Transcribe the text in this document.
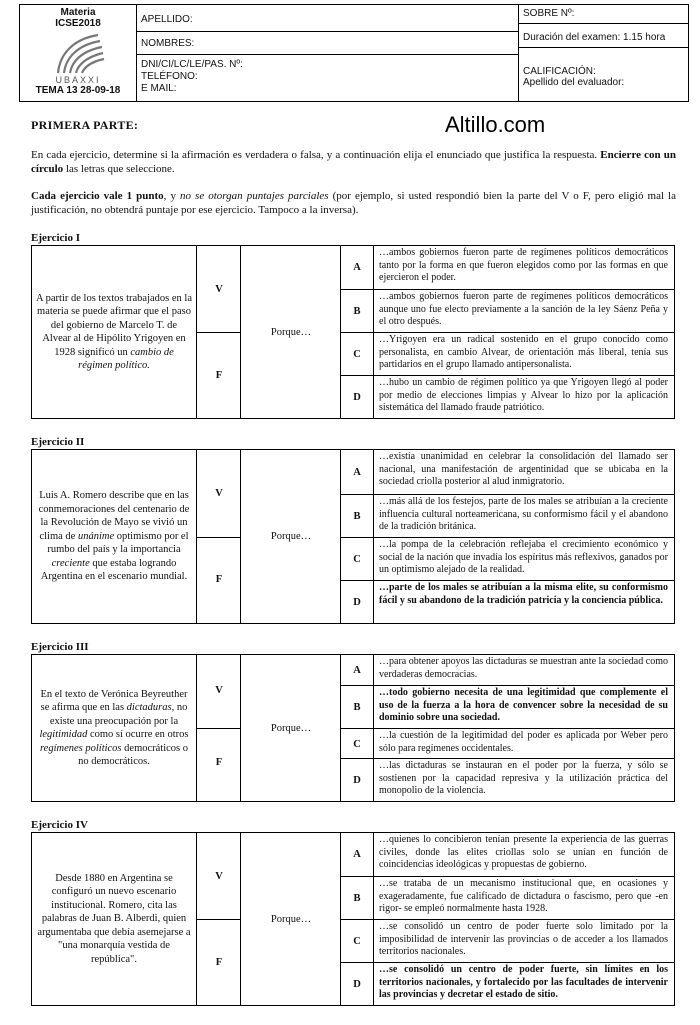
Materia
ICSE2018
UBAXXI
TEMA 13 28-09-18
APELLIDO:
NOMBRES:
DNI/CI/LC/LE/PAS. Nº:
TELÉFONO:
E MAIL:
SOBRE Nº:
Duración del examen: 1.15 hora
CALIFICACIÓN:
Apellido del evaluador:
Altillo.com
PRIMERA PARTE:
En cada ejercicio, determine si la afirmación es verdadera o falsa, y a continuación elija el enunciado que justifica la respuesta. Encierre con un círculo las letras que seleccione.
Cada ejercicio vale 1 punto, y no se otorgan puntajes parciales (por ejemplo, si usted respondió bien la parte del V o F, pero eligió mal la justificación, no obtendrá puntaje por ese ejercicio. Tampoco a la inversa).
Ejercicio I
A partir de los textos trabajados en la materia se puede afirmar que el paso del gobierno de Marcelo T. de Alvear al de Hipólito Yrigoyen en 1928 significó un cambio de régimen político.
V
F
Porque…
A
…ambos gobiernos fueron parte de regímenes políticos democráticos tanto por la forma en que fueron elegidos como por las formas en que ejercieron el poder.
B
…ambos gobiernos fueron parte de regímenes políticos democráticos aunque uno fue electo previamente a la sanción de la ley Sáenz Peña y el otro después.
C
…Yrigoyen era un radical sostenido en el grupo conocido como personalista, en cambio Alvear, de orientación más liberal, tenía sus partidarios en el grupo llamado antipersonalista.
D
…hubo un cambio de régimen político ya que Yrigoyen llegó al poder por medio de elecciones limpias y Alvear lo hizo por la aplicación sistemática del llamado fraude patriótico.
Ejercicio II
Luis A. Romero describe que en las conmemoraciones del centenario de la Revolución de Mayo se vivió un clima de unánime optimismo por el rumbo del país y la importancia creciente que estaba logrando Argentina en el escenario mundial.
V
F
Porque…
A
…existía unanimidad en celebrar la consolidación del llamado ser nacional, una manifestación de argentinidad que se ubicaba en la sociedad criolla posterior al alud inmigratorio.
B
…más allá de los festejos, parte de los males se atribuían a la creciente influencia cultural norteamericana, su conformismo fácil y el abandono de la tradición británica.
C
…la pompa de la celebración reflejaba el crecimiento económico y social de la nación que invadía los espíritus más reflexivos, ganados por un optimismo alejado de la realidad.
D
…parte de los males se atribuían a la misma elite, su conformismo fácil y su abandono de la tradición patricia y la conciencia pública.
Ejercicio III
En el texto de Verónica Beyreuther se afirma que en las dictaduras, no existe una preocupación por la legitimidad como sí ocurre en otros regímenes políticos democráticos o no democráticos.
V
F
Porque…
A
…para obtener apoyos las dictaduras se muestran ante la sociedad como verdaderas democracias.
B
…todo gobierno necesita de una legitimidad que complemente el uso de la fuerza a la hora de convencer sobre la necesidad de su dominio sobre una sociedad.
C
…la cuestión de la legitimidad del poder es aplicada por Weber pero sólo para regímenes occidentales.
D
…las dictaduras se instauran en el poder por la fuerza, y sólo se sostienen por la capacidad represiva y la utilización práctica del monopolio de la violencia.
Ejercicio IV
Desde 1880 en Argentina se configuró un nuevo escenario institucional. Romero, cita las palabras de Juan B. Alberdi, quien argumentaba que debía asemejarse a "una monarquía vestida de república".
V
F
Porque…
A
…quienes lo concibieron tenían presente la experiencia de las guerras civiles, donde las elites criollas solo se unían en función de coincidencias ideológicas y propuestas de gobierno.
B
…se trataba de un mecanismo institucional que, en ocasiones y exageradamente, fue calificado de dictadura o fascismo, pero que -en rigor- se empleó normalmente hasta 1928.
C
…se consolidó un centro de poder fuerte solo limitado por la imposibilidad de intervenir las provincias o de acceder a los llamados territorios nacionales.
D
…se consolidó un centro de poder fuerte, sin límites en los territorios nacionales, y fortalecido por las facultades de intervenir las provincias y decretar el estado de sitio.
